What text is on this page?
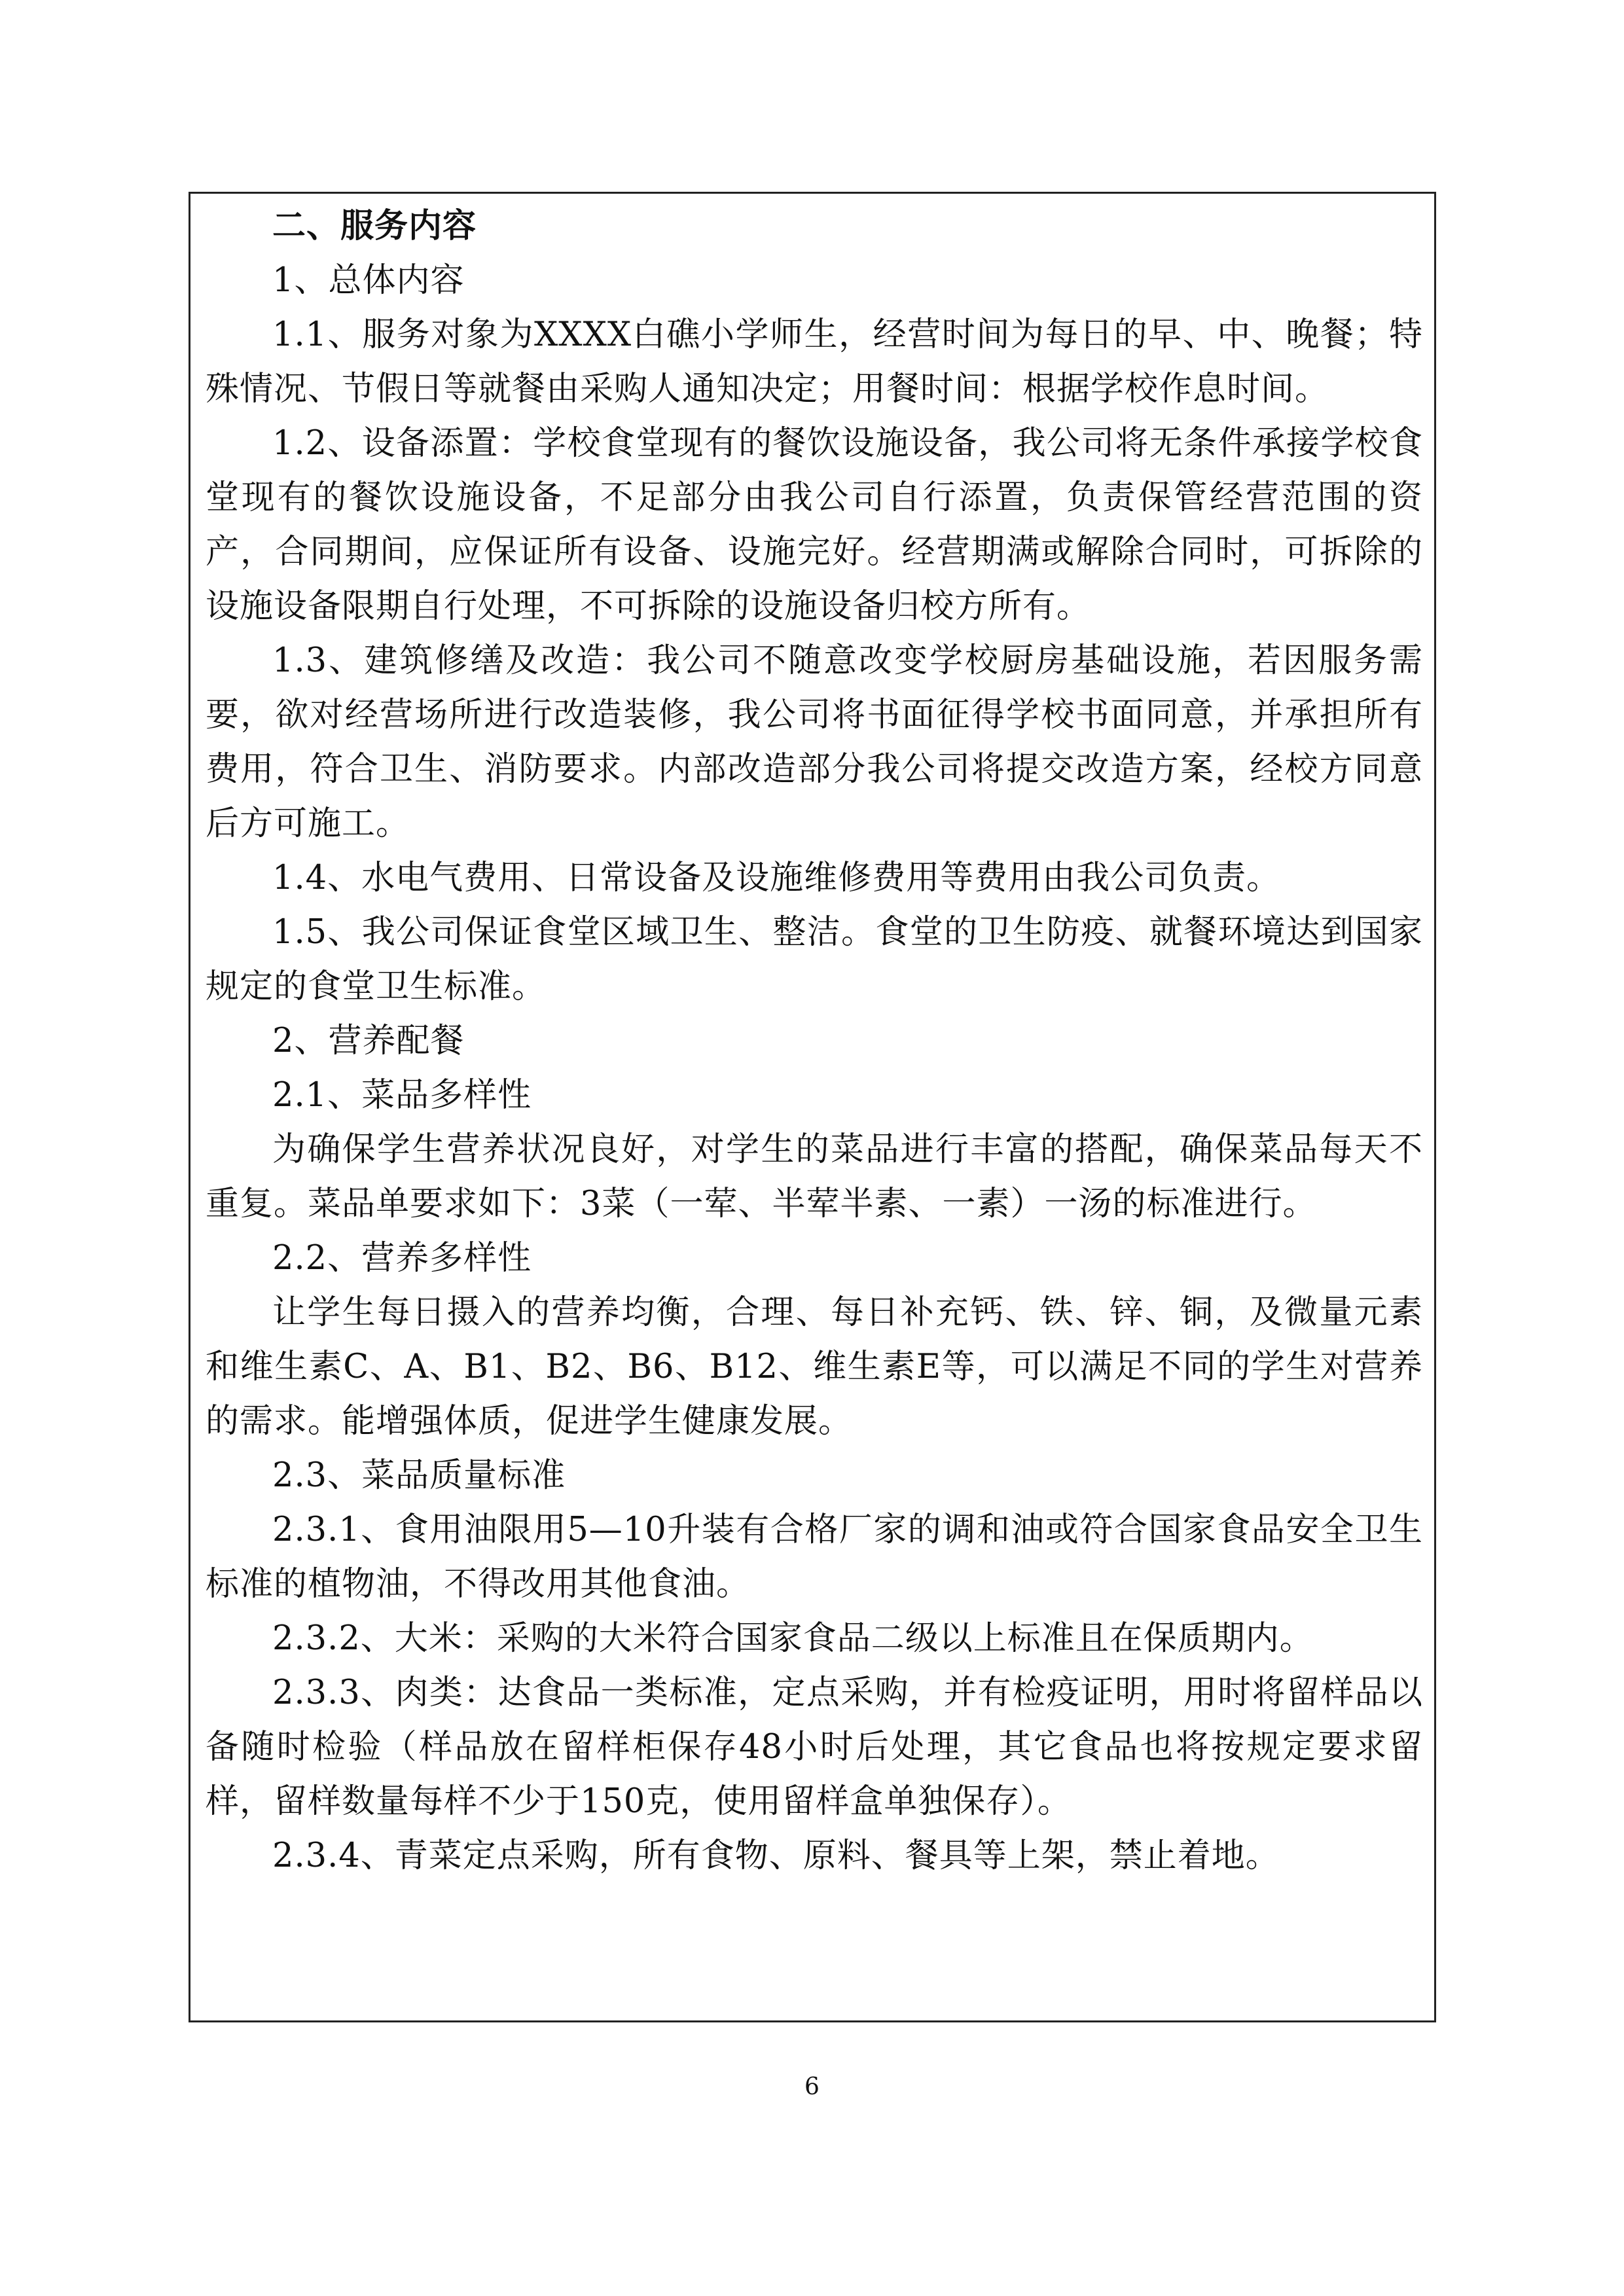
二、服务内容

1、总体内容

1.1、服务对象为XXXX白礁小学师生，经营时间为每日的早、中、晚餐；特殊情况、节假日等就餐由采购人通知决定；用餐时间：根据学校作息时间。

1.2、设备添置：学校食堂现有的餐饮设施设备，我公司将无条件承接学校食堂现有的餐饮设施设备，不足部分由我公司自行添置，负责保管经营范围的资产，合同期间，应保证所有设备、设施完好。经营期满或解除合同时，可拆除的设施设备限期自行处理，不可拆除的设施设备归校方所有。

1.3、建筑修缮及改造：我公司不随意改变学校厨房基础设施，若因服务需要，欲对经营场所进行改造装修，我公司将书面征得学校书面同意，并承担所有费用，符合卫生、消防要求。内部改造部分我公司将提交改造方案，经校方同意后方可施工。

1.4、水电气费用、日常设备及设施维修费用等费用由我公司负责。

1.5、我公司保证食堂区域卫生、整洁。食堂的卫生防疫、就餐环境达到国家规定的食堂卫生标准。

2、营养配餐

2.1、菜品多样性

为确保学生营养状况良好，对学生的菜品进行丰富的搭配，确保菜品每天不重复。菜品单要求如下：3菜（一荤、半荤半素、一素）一汤的标准进行。

2.2、营养多样性

让学生每日摄入的营养均衡，合理、每日补充钙、铁、锌、铜，及微量元素和维生素C、A、B1、B2、B6、B12、维生素E等，可以满足不同的学生对营养的需求。能增强体质，促进学生健康发展。

2.3、菜品质量标准

2.3.1、食用油限用5—10升装有合格厂家的调和油或符合国家食品安全卫生标准的植物油，不得改用其他食油。

2.3.2、大米：采购的大米符合国家食品二级以上标准且在保质期内。

2.3.3、肉类：达食品一类标准，定点采购，并有检疫证明，用时将留样品以备随时检验（样品放在留样柜保存48小时后处理，其它食品也将按规定要求留样，留样数量每样不少于150克，使用留样盒单独保存）。

2.3.4、青菜定点采购，所有食物、原料、餐具等上架，禁止着地。

6
